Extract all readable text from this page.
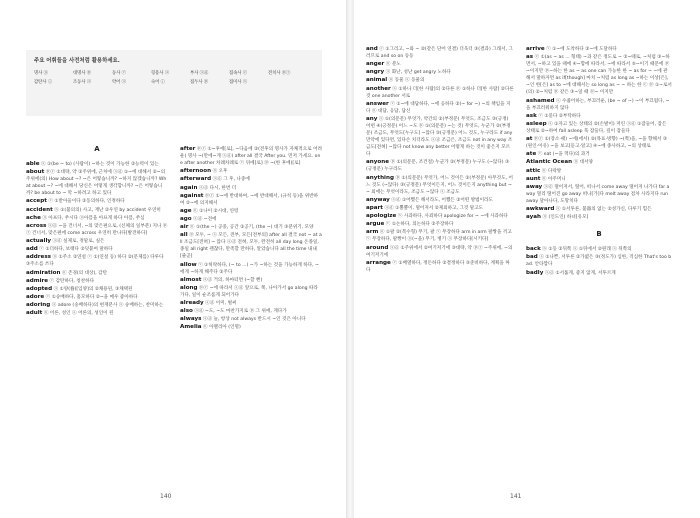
주요 어휘들을 사전처럼 활용하세요.
명사 ⓝ	대명사 ⓟ	동사 ⓥ	형용사 ⓐ	부사 ⓐⓓ	접속사 ⓒ	전치사 ⓟⓡ
감탄사 ⓘ	조동사 ⓐ	약어 ⓐ	숙어 ⓘ	접두사 ⓟ	접미사 ⓢ
A
able ⓐ ①(be ~ to) (사람이) ~하는 것이 가능한 ②능력이 있는
about ⓟⓡ ①대략, 약 ②주위에, 근처에 ⓐⓓ ①~에 대해서 ②~의 주위에(의) How about ~? ~은 어떻습니까? ~하지 않겠습니까? What about ~? ~에 대해서 당신은 어떻게 생각합니까? ~은 어떻습니까? be about to ~ 막 ~하려고 하고 있다
accept ⓥ ①받아들이다 ②동의하다, 인정하다
accident ⓝ ①(불의의) 사고, 재난 ②우연 by accident 우연히
ache ⓝ 아프다, 쑤시다 ⓝ아픔을 아프게 하다 아픔, 쑤심
across ⓐⓓ ~을 건너서, ~의 맞은편으로, (신체의 일부분) 지나 ⓟⓡ 건너서, 맞은편에 come across 우연히 만나다[발견하다]
actually ⓐⓓ 실제로, 정말로, 실은
add ⓥ ①더하다, 보태다 ②덧붙여 말하다
address ⓝ ①주소 ②연설 ⓥ ①(연설 등) 하다 ②(문제를) 다루다 ③주소를 쓰다
admiration ⓝ 존경(의 대상), 감탄
admire ⓥ 감탄하다, 칭찬하다
adopted ⓐ ①양(養)[입양]의 ②채용된, ③채택된
adore ⓥ ①숭배하다, 흠모하다 ②~을 매우 좋아하다
adoring ⓐ adore (숭배하다)의 현재분사 ⓐ 숭배하는, 찬미하는
adult ⓝ 어른, 성인 ⓐ 어른의, 성인이 된
after ⓟⓡ ①~후에[로], ~다음에 ②(전후의 명사가 자체적으로 어려운) 명사 ~(만에~게 ⓐⓓ) after all 결국 After you. 먼저 가세요. one after another 차례차례로 ⓥ 뒤에[로] ⓟ ~(한 후에)[로]
afternoon ⓝ 오후
afterward ⓐⓓ 그 후, 나중에
again ⓐⓓ 다시, 한번 더
against ⓟⓡ ①~에 반대하여, ~에 반대해서, (규칙 등)을 위반하여 ②~에 의지해서
age ⓝ ①나이 ②시대, 연령
ago ⓐⓓ ~전에
air ⓝ ①(the ~) 공중, 공간 ②공기, (the ~) 대기 ③분위기, 모양
all ⓟ 모두, ~ ⓐ 모든, 전부, 모든[전부의] after all 결국 not ~ at all 조금도[전혀] ~ 않다 ⓐⓓ 전혀, 모두, 완전히 all day long 온종일, 종일 all right 괜찮다, 만족할 만하다, 알았습니다 all the time 내내[줄곧]
allow ⓥ ①허락하다, (~ to ...) ~가 ~하는 것을 가능하게 하다, ~에게 ~하게 해주다 ②주다
almost ⓐⓓ 거의, 하마터면 (~할 뻔)
along ⓟⓡ ~에 따라서 ⓐⓓ 앞으로, 쭉, 나아가서 go along 따라가다, 일이 순조롭게 되어가다
already ⓐⓓ 이미, 벌써
also ⓐⓓ ~도, ~도 마찬가지로 ⓟ 그 위에, 게다가
always ⓐⓓ 늘, 항상 not always 반드시 ~인 것은 아니다
Amelia ⓝ 아멜리아 (인명)
140
and ⓒ ①그리고, ~와 ~ ②(같은 단어 연결) 더욱더 ③(결과) 그래서, 그러므로 and so on 등등
anger ⓝ 분노
angry ⓐ 화난, 성난 get angry 노하다
animal ⓝ 동물 ⓐ 동물의
another ⓐ ①하나 더[한 사람]의 ②다른 ⓟ ①하나 더[한 사람] ②다른 것 one another 서로
answer ⓥ ①~에 대답하다, ~에 응하다 ②(~ for ~) ~의 책임을 지다 ⓝ 대답, 응답, 답신
any ⓐ ①(의문문) 무엇가, 약간의 ②(부정문) 무엇도, 조금도 ③(긍정) 어떤 ④(긍정문) 어느 ~도 ⓟ ①(의문문) ~는 것) 무엇도, 누군가 ②(부정문) 조금도, 무엇도[누구도] ~않다 ③(긍정문) 어느 것도, 누구라도 if any 만약에 있다면, 있다손 치더라도 ⓐⓓ 조금은, 조금도 not in any way 조금도[전혀] ~않다 not know any better 어떻게 하는 것이 좋은지 모르다
anyone ⓟ ①(의문문, 조건절) 누군가 ②(부정문) 누구도 (~않다) ③(긍정문) 누구라도
anything ⓟ ①(의문문) 무엇가, 어느 것이든 ②(부정문) 아무것도, 어느 것도 (~않다) ③(긍정문) 무엇이든지, 어느 것이든지 anything but ~ ~ 외에는 무엇이라도, 조금도 ~않다 ⓐ 조금도
anyway ⓐⓓ ①어쨌든 해서라도, 어쨌든 ②어떤 방법이라도
apart ⓐⓓ ①뿔뿔이, 떨어져서 ②제외하고, 그것 말고도
apologize ⓥ 사과하다, 사죄하다 apologize for ~ ~에 사과하다
argue ⓥ ①논하다, 의논하다 ②주장하다
arm ⓝ ①팔 ②(복수형) 무기, 팔 ⓥ 무장하다 arm in arm 팔짱을 끼고 ⓥ 무장하다, 팔짱이 ⓝ(~을) 무기, 병기 ⓐ 무장하다[시키다]
around ⓐⓓ ①주위에서 ②여기저기에 ③대략, 약 ⓟⓡ ~주위에, ~의 여기저기에
arrange ⓥ ①배열하다, 정돈하다 ②결정하다 ③준비하다, 계획을 짜다
arrive ⓥ ①~에 도착하다 ②~에 도달하다
as ⓒ ①(as ~ as ... 형태) ~과 같은 정도로 ~ ②~때로, ~처럼 ③~하면서, ~하고 있을 때에 ④~함에 따라서, ~에 따라서 ⑤~이기 때문에 ⓟ ~이지만 ⓟ~하는 한 as ~ as one can 가능한 한 ~ as for ~ ~에 관해서 말하자면 as if[though] 마치 ~처럼 as long as ~하는 이상[은], ~인 한[은] as to ~에 대해서는 so long as ~ ~ 하는 한 ⓒ ⓟ ①~로서(의) ②~처럼 ⓟ 같은 ③~일 때 ⓟ~ 이지만
ashamed ⓐ 수줍어하는, 부끄러운, (be ~ of ~) ~이 부끄럽다, ~을 부끄러워하지 않다
ask ⓥ ①묻다 ②부탁하다
asleep ⓐ ①자고 있는 상태의 ②(손발이) 저린 ⓐⓓ ①잠들어, 잠든 상태로 ②~하여 fall asleep 푹 잠들다, 깊이 잠들다
at ⓟⓡ ①(장소·때) ~에(에서) ②(목표·방향) ~(쪽)을, ~을 향해서 ③(원인·이유) ~을 보고[듣고·알고] ④~에 종사하고, ~의 상태로
ate ⓥ eat (~을 먹다)의 과거
Atlantic Ocean ⓝ 대서양
attic ⓝ 다락방
aunt ⓝ 아주머니
away ⓐⓓ 떨어져서, 떨어, 떠나서 come away 떨어져 나가다 far away 멀리 떨어진 go away 떠나[가]다 melt away 점차 사라지다 run away 달아나다, 도망치다
awkward ⓐ ①서투른, 불器의 없는 ②성가신, 다루기 힘든
ayah ⓝ (인도인) 하녀[유모]
B
back ⓝ ①등 ②뒤쪽 ⓐ ①뒤에서 ②원래 ⓐ 뒤쪽의
bad ⓐ ①나쁜, 서투른 ②가엾은 ③(정도가) 심한, 격심한 That's too bad. 안타깝다
badly ⓐⓓ ①서툴게, 좋지 않게, 서투르게
141
